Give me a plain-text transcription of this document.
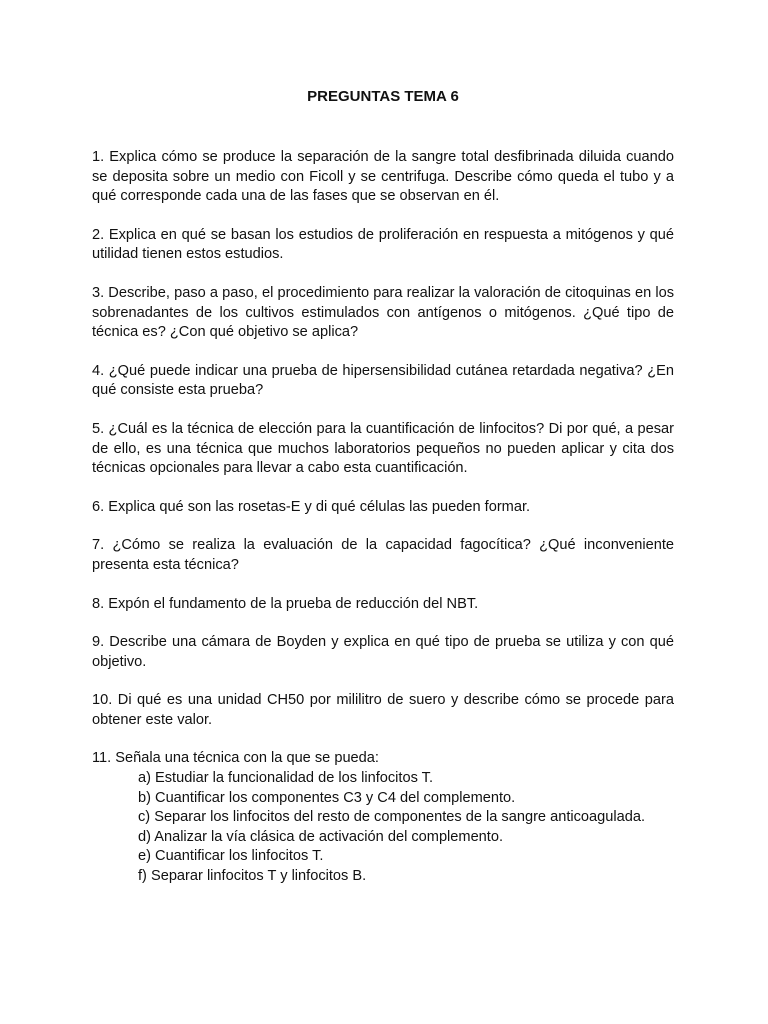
PREGUNTAS TEMA 6

1. Explica cómo se produce la separación de la sangre total desfibrinada diluida cuando se deposita sobre un medio con Ficoll y se centrifuga. Describe cómo queda el tubo y a qué corresponde cada una de las fases que se observan en él.

2. Explica en qué se basan los estudios de proliferación en respuesta a mitógenos y qué utilidad tienen estos estudios.

3. Describe, paso a paso, el procedimiento para realizar la valoración de citoquinas en los sobrenadantes de los cultivos estimulados con antígenos o mitógenos. ¿Qué tipo de técnica es? ¿Con qué objetivo se aplica?

4. ¿Qué puede indicar una prueba de hipersensibilidad cutánea retardada negativa? ¿En qué consiste esta prueba?

5. ¿Cuál es la técnica de elección para la cuantificación de linfocitos? Di por qué, a pesar de ello, es una técnica que muchos laboratorios pequeños no pueden aplicar y cita dos técnicas opcionales para llevar a cabo esta cuantificación.

6. Explica qué son las rosetas-E y di qué células las pueden formar.

7. ¿Cómo se realiza la evaluación de la capacidad fagocítica? ¿Qué inconveniente presenta esta técnica?

8. Expón el fundamento de la prueba de reducción del NBT.

9. Describe una cámara de Boyden y explica en qué tipo de prueba se utiliza y con qué objetivo.

10. Di qué es una unidad CH50 por mililitro de suero y describe cómo se procede para obtener este valor.

11. Señala una técnica con la que se pueda:

a) Estudiar la funcionalidad de los linfocitos T.
b) Cuantificar los componentes C3 y C4 del complemento.
c) Separar los linfocitos del resto de componentes de la sangre anticoagulada.
d) Analizar la vía clásica de activación del complemento.
e) Cuantificar los linfocitos T.
f) Separar linfocitos T y linfocitos B.
